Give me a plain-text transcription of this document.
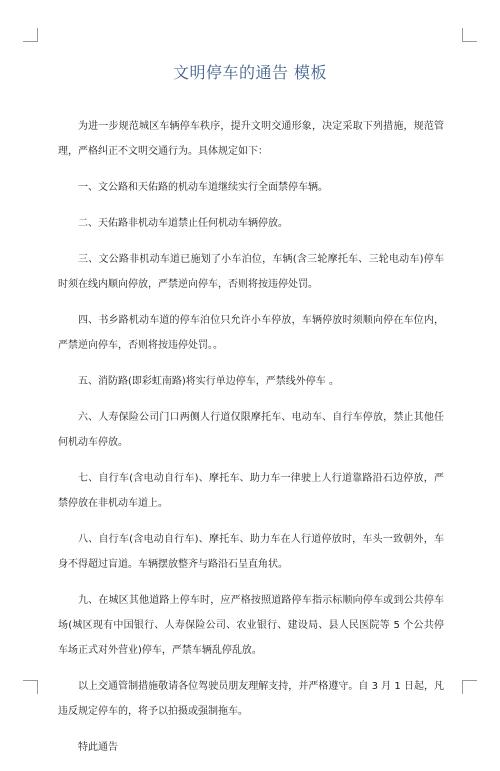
文明停车的通告 模板

为进一步规范城区车辆停车秩序，提升文明交通形象，决定采取下列措施，规范管理，严格纠正不文明交通行为。具体规定如下：

一、文公路和天佑路的机动车道继续实行全面禁停车辆。

二、天佑路非机动车道禁止任何机动车辆停放。

三、文公路非机动车道已施划了小车泊位，车辆(含三轮摩托车、三轮电动车)停车时须在线内顺向停放，严禁逆向停车，否则将按违停处罚。

四、书乡路机动车道的停车泊位只允许小车停放，车辆停放时须顺向停在车位内，严禁逆向停车，否则将按违停处罚。。

五、消防路(即彩虹南路)将实行单边停车，严禁线外停车 。

六、人寿保险公司门口两侧人行道仅限摩托车、电动车、自行车停放，禁止其他任何机动车停放。

七、自行车(含电动自行车)、摩托车、助力车一律驶上人行道靠路沿石边停放，严禁停放在非机动车道上。

八、自行车(含电动自行车)、摩托车、助力车在人行道停放时，车头一致朝外，车身不得超过盲道。车辆摆放整齐与路沿石呈直角状。

九、在城区其他道路上停车时，应严格按照道路停车指示标顺向停车或到公共停车场(城区现有中国银行、人寿保险公司、农业银行、建设局、县人民医院等 5 个公共停车场正式对外营业)停车，严禁车辆乱停乱放。

以上交通管制措施敬请各位驾驶员朋友理解支持，并严格遵守。自 3 月 1 日起，凡违反规定停车的，将予以拍摄或强制拖车。

特此通告
